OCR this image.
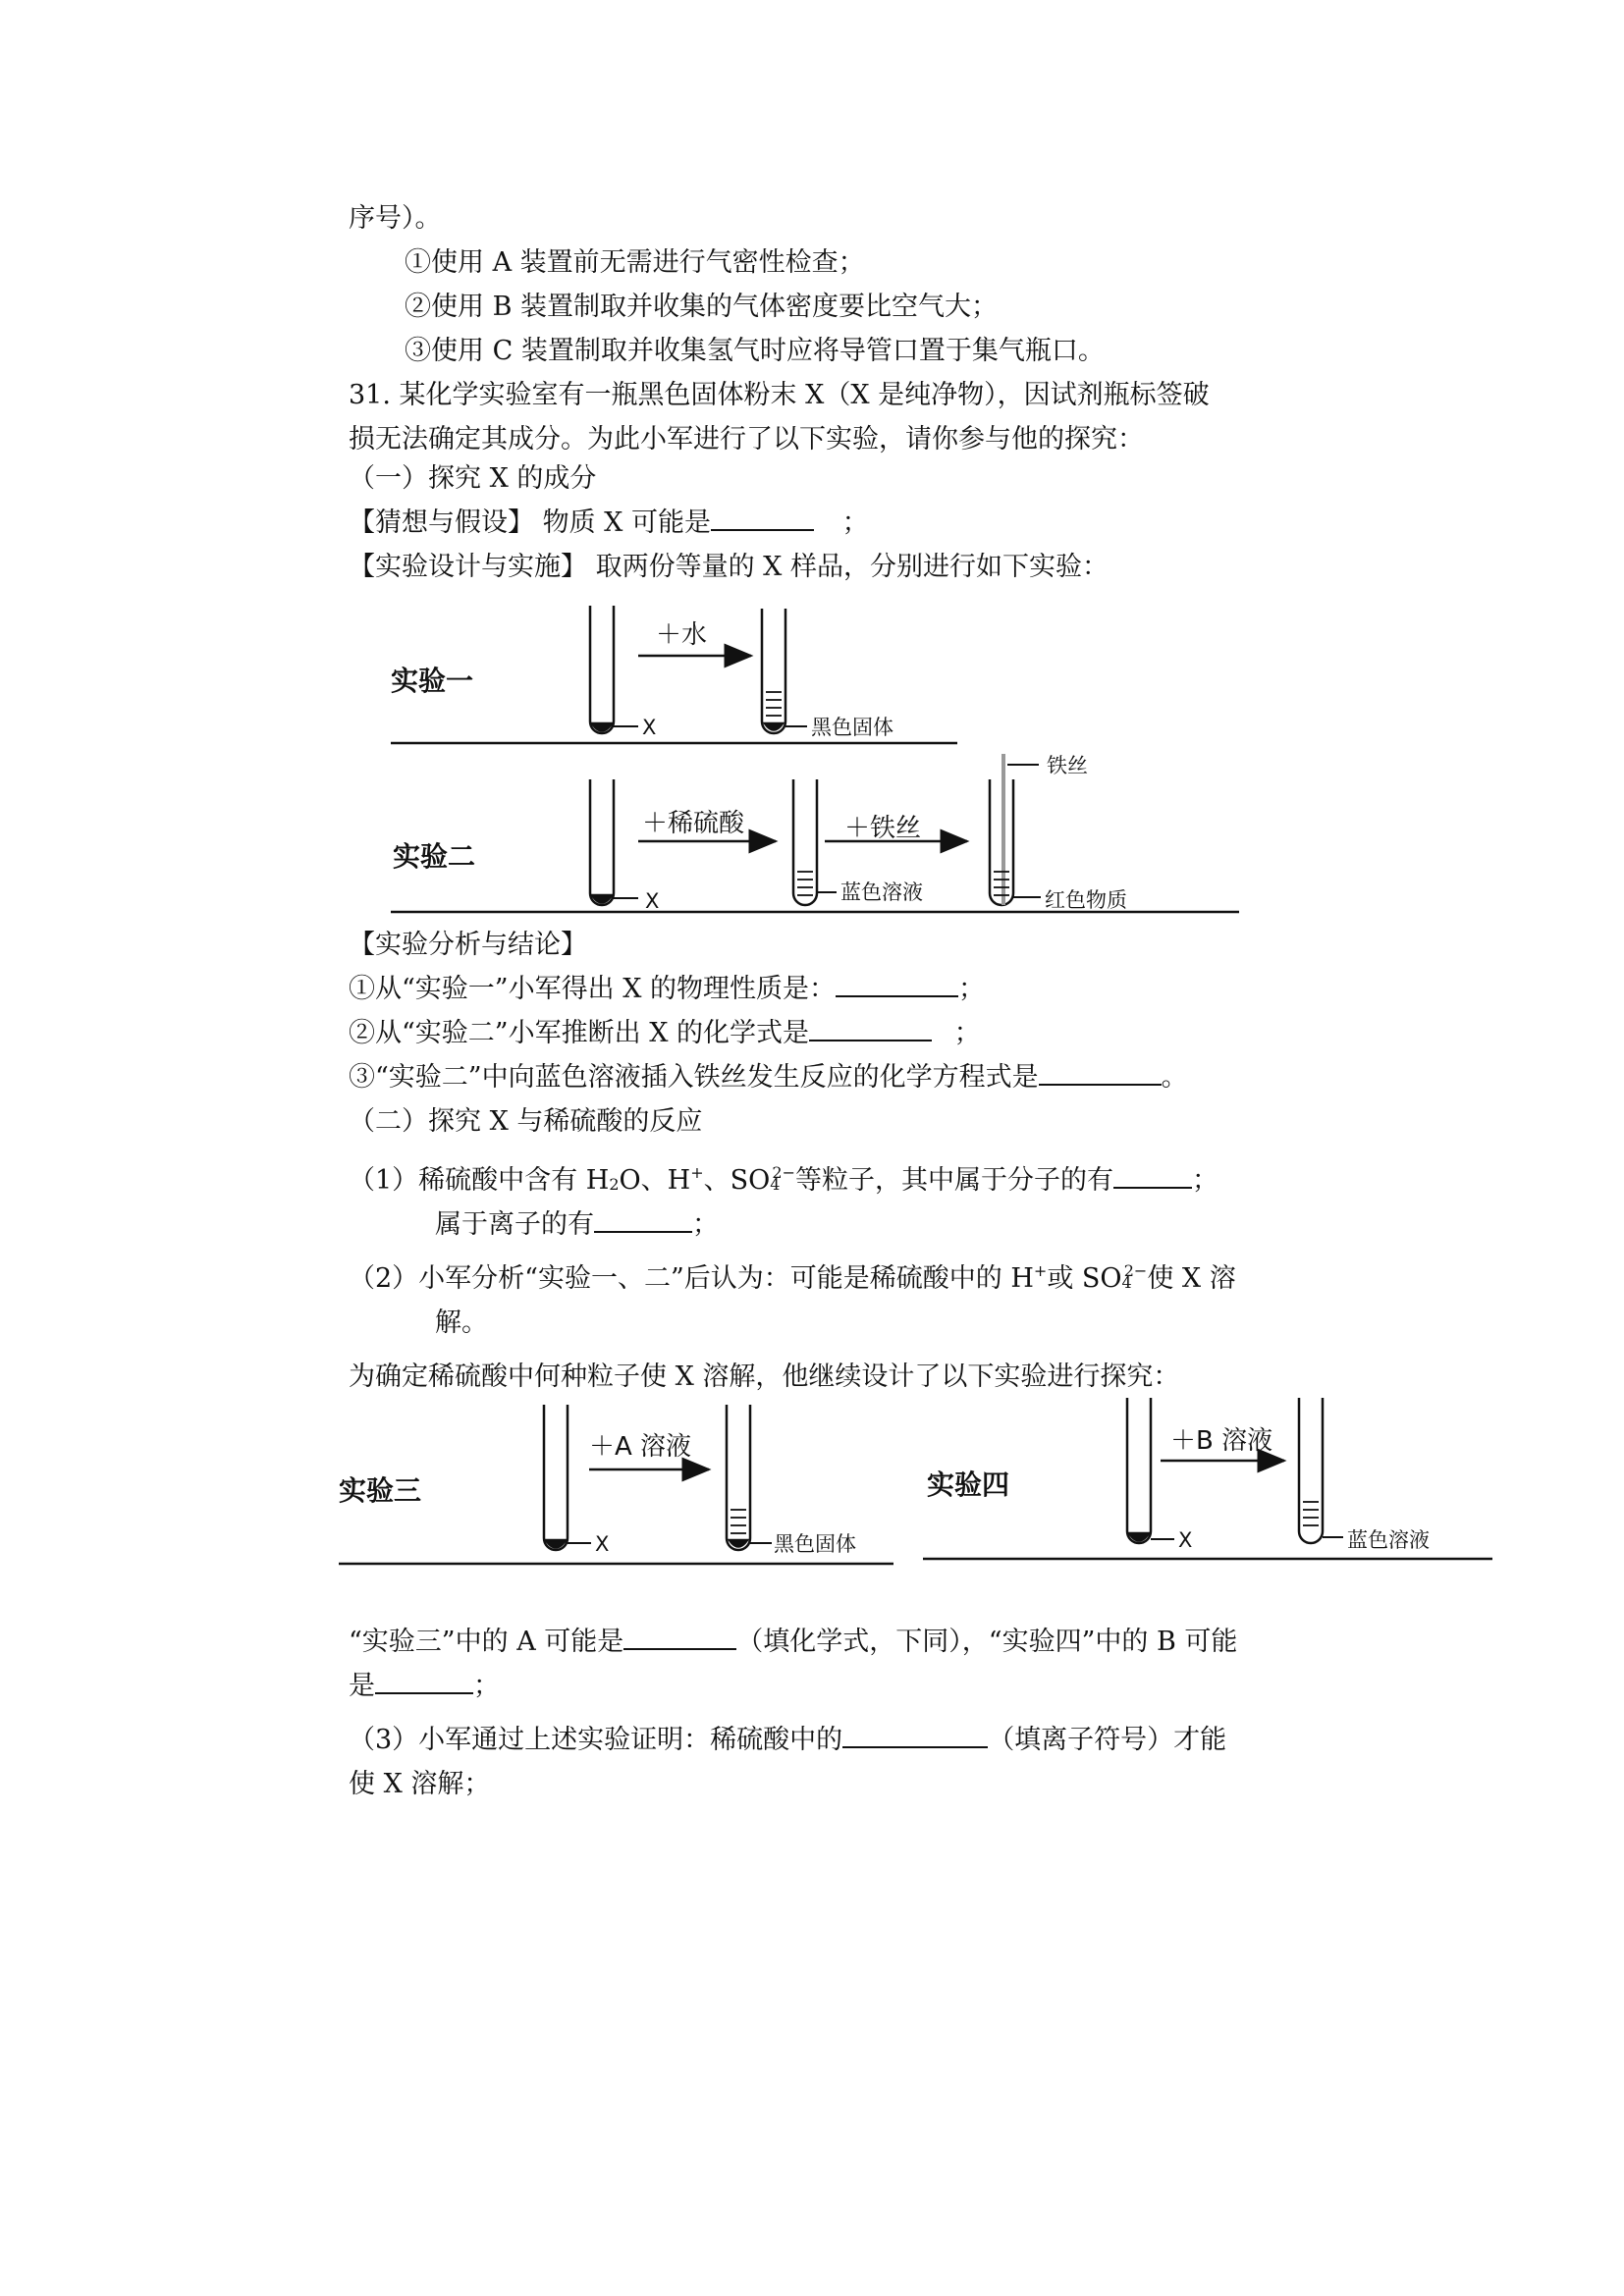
序号）。
①使用 A 装置前无需进行气密性检查；
②使用 B 装置制取并收集的气体密度要比空气大；
③使用 C 装置制取并收集氢气时应将导管口置于集气瓶口。
31. 某化学实验室有一瓶黑色固体粉末 X（X 是纯净物），因试剂瓶标签破
损无法确定其成分。为此小军进行了以下实验，请你参与他的探究：
（一）探究 X 的成分
【猜想与假设】 物质 X 可能是	；
【实验设计与实施】 取两份等量的 X 样品，分别进行如下实验：
【实验分析与结论】
①从“实验一”小军得出 X 的物理性质是：	；
②从“实验二”小军推断出 X 的化学式是	；
③“实验二”中向蓝色溶液插入铁丝发生反应的化学方程式是	。
（二）探究 X 与稀硫酸的反应
（1）稀硫酸中含有 $H_2O$、H+、$SO_4^{2-}$等粒子，其中属于分子的有	；
属于离子的有	；
（2）小军分析“实验一、二”后认为：可能是稀硫酸中的 H+或 $SO_4^{2-}$使 X 溶
解。
为确定稀硫酸中何种粒子使 X 溶解，他继续设计了以下实验进行探究：
“实验三”中的 A 可能是	（填化学式，下同），“实验四”中的 B 可能
是	；
（3）小军通过上述实验证明：稀硫酸中的	（填离子符号）才能
使 X 溶解；
实验一
＋水
X	黑色固体
实验二
＋稀硫酸	＋铁丝
X	蓝色溶液
铁丝
红色物质
实验三
＋A 溶液
X	黑色固体
实验四
＋B 溶液
X	蓝色溶液
